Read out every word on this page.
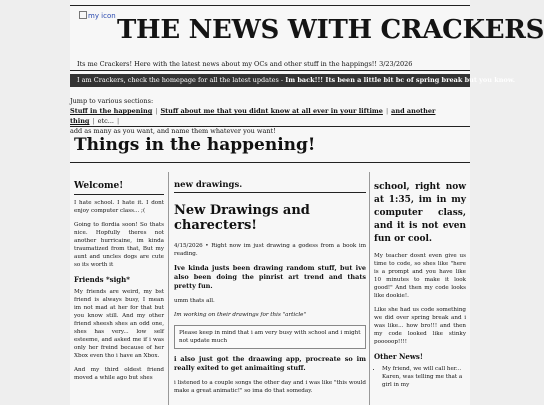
my icon THE NEWS WITH CRACKERS
Its me Crackers! Here with the latest news about my OCs and other stuff in the happings!! 3/23/2026
I am Crackers, check the homepage for all the latest updates - Im back!!! Its been a little bit bc of spring break but you know.
Jump to various sections:
Stuff in the happening | Stuff about me that you didnt know at all ever in your liftime | and another thing | etc... |
add as many as you want, and name them whatever you want!
Things in the happening!
Welcome!

I hate school. I hate it. I dont enjoy computer class... ;(

Going to flordia soon! So thats nice. Hopfully theres not another hurricaine, im kinda traumatized from that, But my aunt and uncles dogs are cute so its worth it

Friends *sigh*

My friends are weird, my bst friend is always busy, I mean im not mad at her for that but you know still. And my other friend sheesh shes an odd one, shes has very... low self esteeme, and asked me if i was only her freind because of her Xbox even tho i have an Xbox.

And my third oldest friend moved a while ago but shes

new drawings.
New Drawings and charecters!

4/15/2026 • Right now im just drawing a godess from a book im reading.

Ive kinda justs been drawing random stuff, but ive also been doing the pinrist art trend and thats pretty fun.

umm thats all.

Im working on their drawings for this "article"

Please keep in mind that i am very busy with school and i might not update much

i also just got the draawing app, procreate so im really exited to get animaiting stuff.

i listened to a couple songs the other day and i was like "this would make a great animatic!" so ima do that someday.

school, right now at 1:35, im in my computer class, and it is not even fun or cool.

My teacher dosnt even give us time to code, so shes like "here is a prompt and you have like 10 minutes to make it look good!" And then my code looks like dookie!.

Like she had us code something we did over spring break and i was like... how bro!!! and then my code looked like stinky pooooop!!!!

Other News!
• My friend, we will call her... Karen, was telling me that a girl in my
